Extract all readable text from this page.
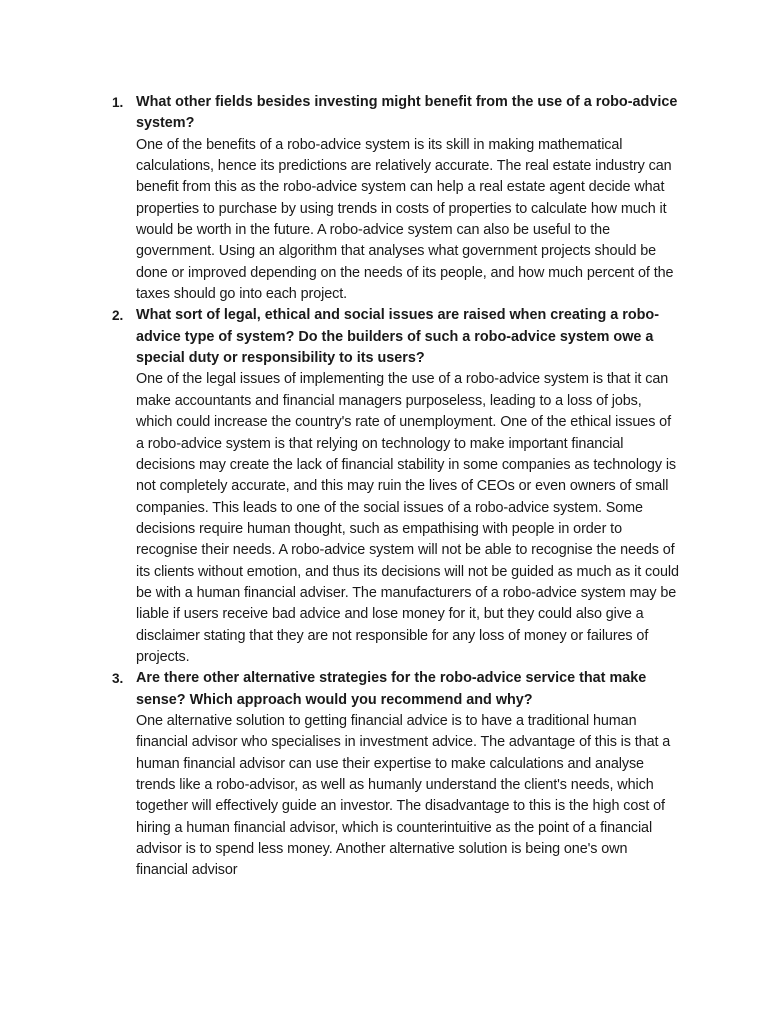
1. What other fields besides investing might benefit from the use of a robo-advice system?

One of the benefits of a robo-advice system is its skill in making mathematical calculations, hence its predictions are relatively accurate. The real estate industry can benefit from this as the robo-advice system can help a real estate agent decide what properties to purchase by using trends in costs of properties to calculate how much it would be worth in the future. A robo-advice system can also be useful to the government. Using an algorithm that analyses what government projects should be done or improved depending on the needs of its people, and how much percent of the taxes should go into each project.

2. What sort of legal, ethical and social issues are raised when creating a robo-advice type of system? Do the builders of such a robo-advice system owe a special duty or responsibility to its users?

One of the legal issues of implementing the use of a robo-advice system is that it can make accountants and financial managers purposeless, leading to a loss of jobs, which could increase the country's rate of unemployment. One of the ethical issues of a robo-advice system is that relying on technology to make important financial decisions may create the lack of financial stability in some companies as technology is not completely accurate, and this may ruin the lives of CEOs or even owners of small companies. This leads to one of the social issues of a robo-advice system. Some decisions require human thought, such as empathising with people in order to recognise their needs. A robo-advice system will not be able to recognise the needs of its clients without emotion, and thus its decisions will not be guided as much as it could be with a human financial adviser. The manufacturers of a robo-advice system may be liable if users receive bad advice and lose money for it, but they could also give a disclaimer stating that they are not responsible for any loss of money or failures of projects.

3. Are there other alternative strategies for the robo-advice service that make sense? Which approach would you recommend and why?

One alternative solution to getting financial advice is to have a traditional human financial advisor who specialises in investment advice. The advantage of this is that a human financial advisor can use their expertise to make calculations and analyse trends like a robo-advisor, as well as humanly understand the client's needs, which together will effectively guide an investor. The disadvantage to this is the high cost of hiring a human financial advisor, which is counterintuitive as the point of a financial advisor is to spend less money. Another alternative solution is being one's own financial advisor
